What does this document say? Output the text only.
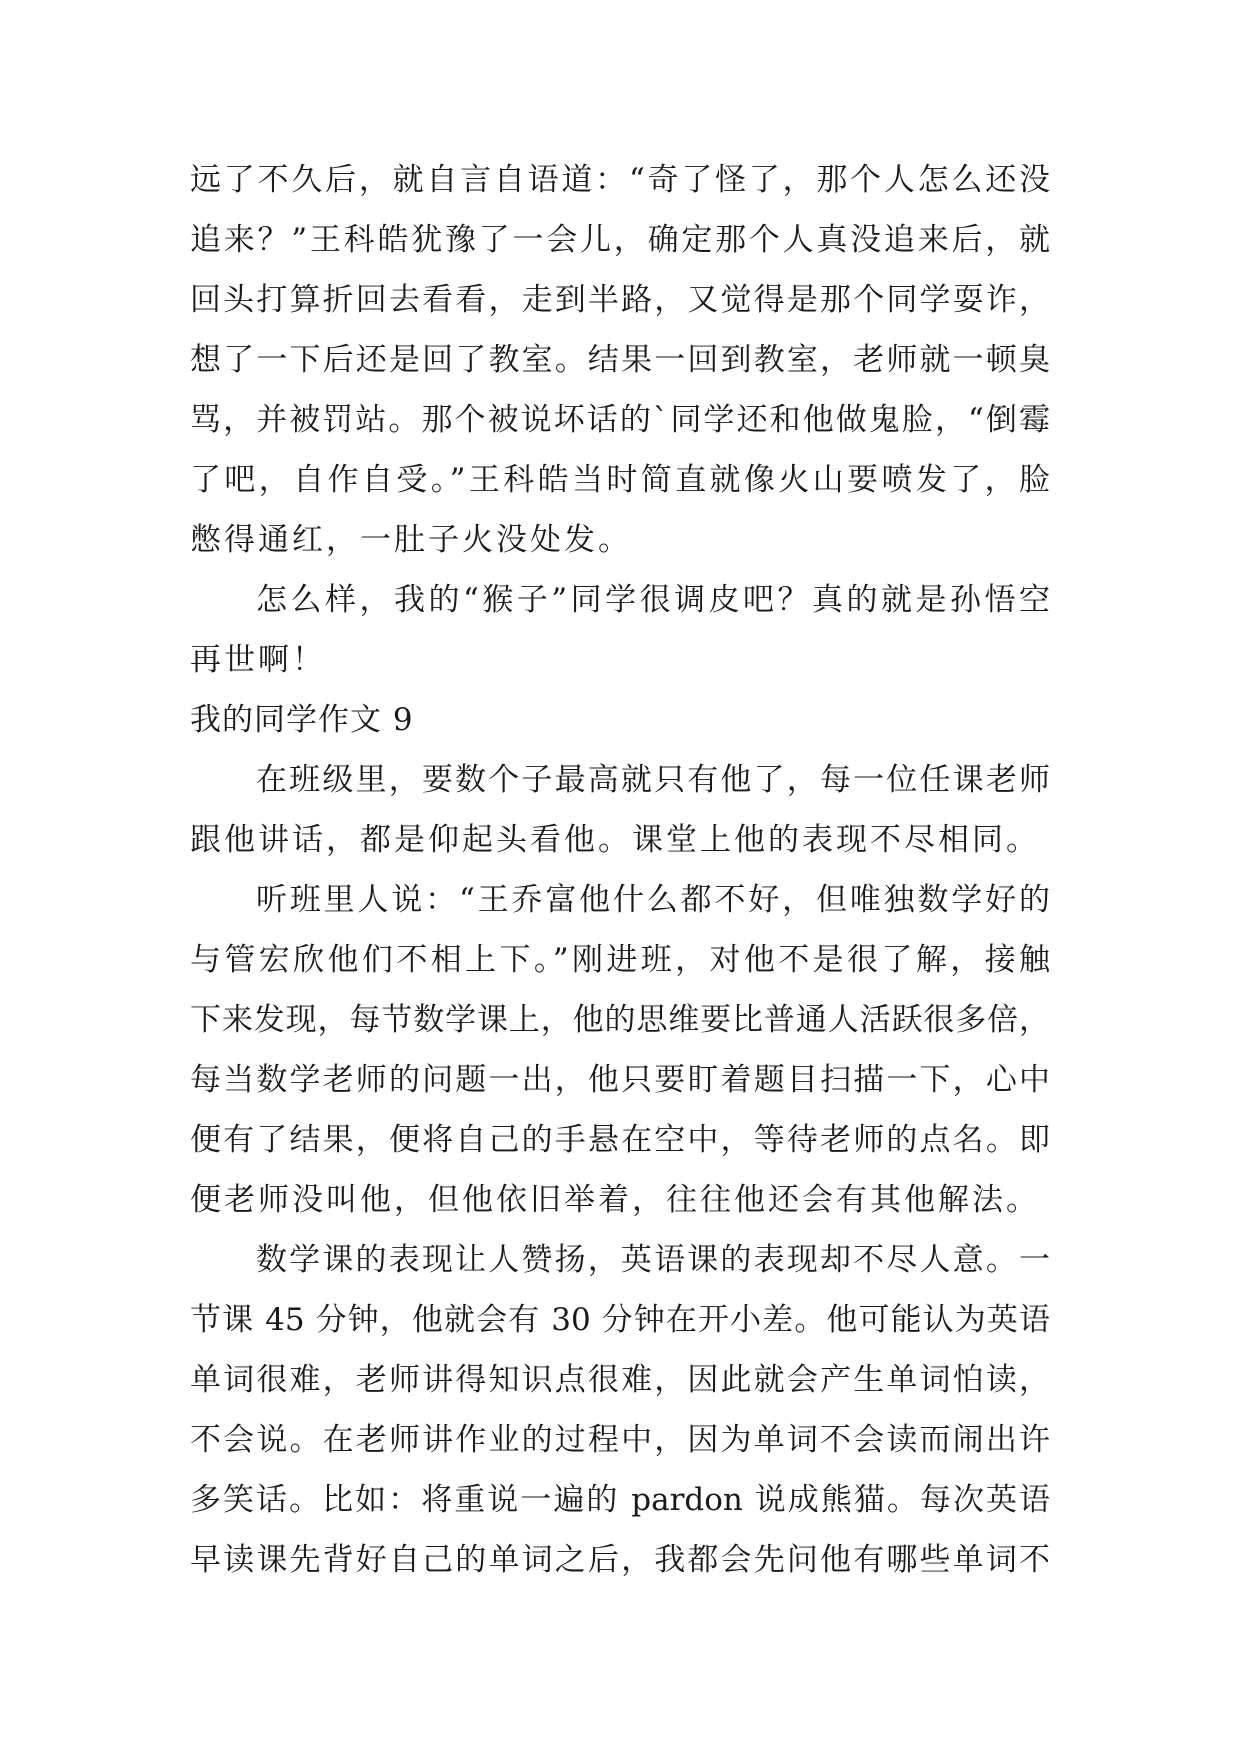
远了不久后，就自言自语道：“奇了怪了，那个人怎么还没
追来？”王科皓犹豫了一会儿，确定那个人真没追来后，就
回头打算折回去看看，走到半路，又觉得是那个同学耍诈，
想了一下后还是回了教室。结果一回到教室，老师就一顿臭
骂，并被罚站。那个被说坏话的`同学还和他做鬼脸，“倒霉
了吧，自作自受。”王科皓当时简直就像火山要喷发了，脸
憋得通红，一肚子火没处发。
怎么样，我的“猴子”同学很调皮吧？真的就是孙悟空
再世啊！
我的同学作文 9
在班级里，要数个子最高就只有他了，每一位任课老师
跟他讲话，都是仰起头看他。课堂上他的表现不尽相同。
听班里人说：“王乔富他什么都不好，但唯独数学好的
与管宏欣他们不相上下。”刚进班，对他不是很了解，接触
下来发现，每节数学课上，他的思维要比普通人活跃很多倍，
每当数学老师的问题一出，他只要盯着题目扫描一下，心中
便有了结果，便将自己的手悬在空中，等待老师的点名。即
便老师没叫他，但他依旧举着，往往他还会有其他解法。
数学课的表现让人赞扬，英语课的表现却不尽人意。一
节课 45 分钟，他就会有 30 分钟在开小差。他可能认为英语
单词很难，老师讲得知识点很难，因此就会产生单词怕读，
不会说。在老师讲作业的过程中，因为单词不会读而闹出许
多笑话。比如：将重说一遍的 pardon 说成熊猫。每次英语
早读课先背好自己的单词之后，我都会先问他有哪些单词不
